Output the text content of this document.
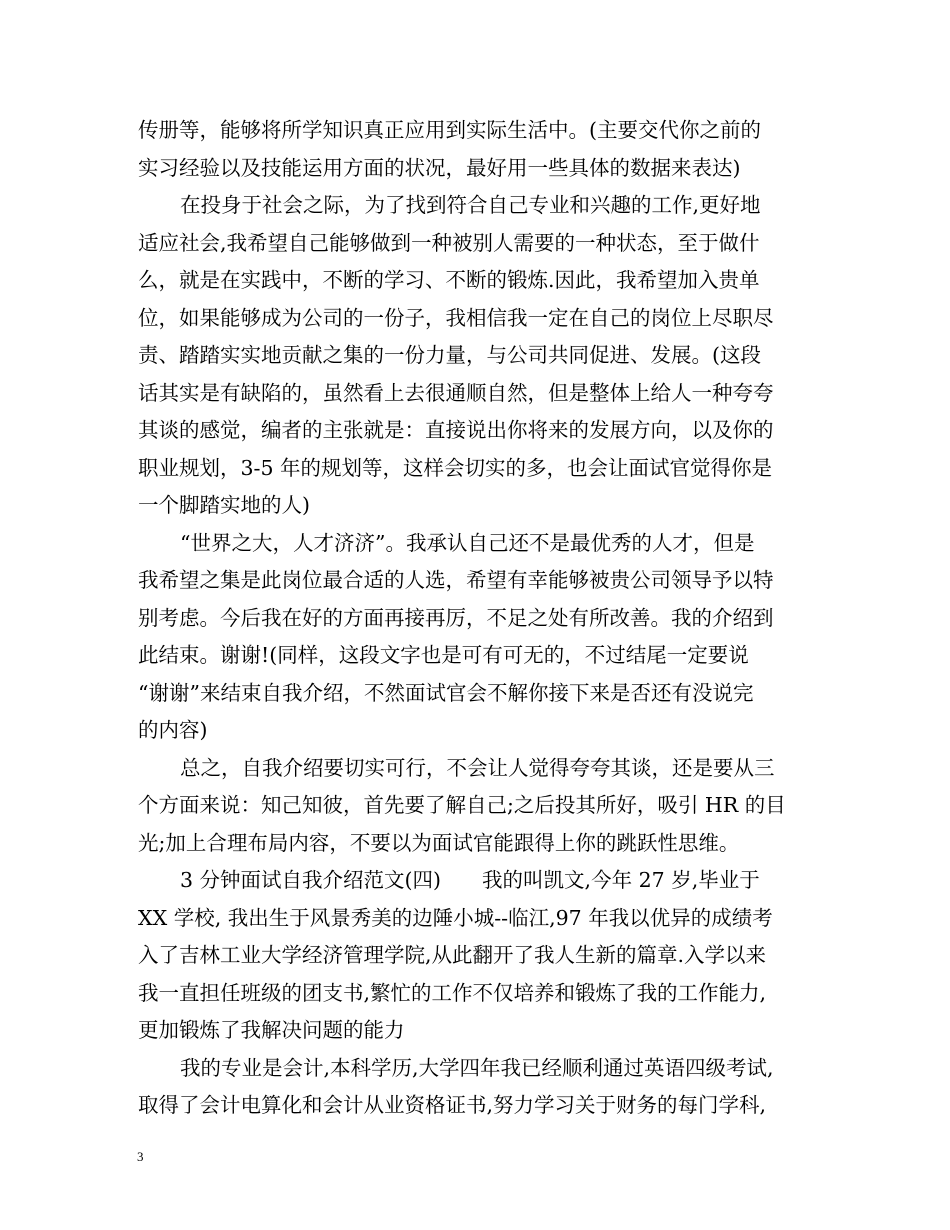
传册等，能够将所学知识真正应用到实际生活中。(主要交代你之前的
实习经验以及技能运用方面的状况，最好用一些具体的数据来表达)
在投身于社会之际，为了找到符合自己专业和兴趣的工作,更好地
适应社会,我希望自己能够做到一种被别人需要的一种状态，至于做什
么，就是在实践中，不断的学习、不断的锻炼.因此，我希望加入贵单
位，如果能够成为公司的一份子，我相信我一定在自己的岗位上尽职尽
责、踏踏实实地贡献之集的一份力量，与公司共同促进、发展。(这段
话其实是有缺陷的，虽然看上去很通顺自然，但是整体上给人一种夸夸
其谈的感觉，编者的主张就是：直接说出你将来的发展方向，以及你的
职业规划，3-5 年的规划等，这样会切实的多，也会让面试官觉得你是
一个脚踏实地的人)
“世界之大，人才济济”。我承认自己还不是最优秀的人才，但是
我希望之集是此岗位最合适的人选，希望有幸能够被贵公司领导予以特
别考虑。今后我在好的方面再接再厉，不足之处有所改善。我的介绍到
此结束。谢谢!(同样，这段文字也是可有可无的，不过结尾一定要说
“谢谢”来结束自我介绍，不然面试官会不解你接下来是否还有没说完
的内容)
总之，自我介绍要切实可行，不会让人觉得夸夸其谈，还是要从三
个方面来说：知己知彼，首先要了解自己;之后投其所好，吸引 HR 的目
光;加上合理布局内容，不要以为面试官能跟得上你的跳跃性思维。
3 分钟面试自我介绍范文(四)　　我的叫凯文,今年 27 岁,毕业于
XX 学校, 我出生于风景秀美的边陲小城--临江,97 年我以优异的成绩考
入了吉林工业大学经济管理学院,从此翻开了我人生新的篇章.入学以来
我一直担任班级的团支书,繁忙的工作不仅培养和锻炼了我的工作能力,
更加锻炼了我解决问题的能力
我的专业是会计,本科学历,大学四年我已经顺利通过英语四级考试,
取得了会计电算化和会计从业资格证书,努力学习关于财务的每门学科,
3
